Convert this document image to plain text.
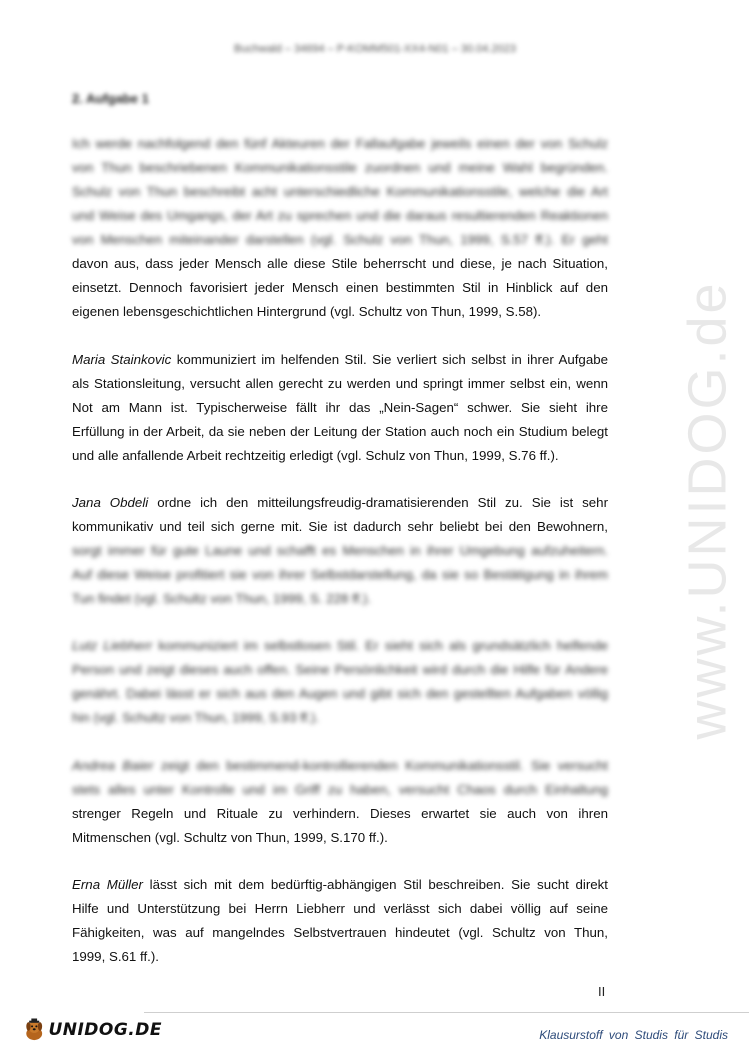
Buchwald – 34694 – P-KOMM501-XX4-N01 – 30.04.2023
2. Aufgabe 1
Ich werde nachfolgend den fünf Akteuren der Fallaufgabe jeweils einen der von Schulz
von Thun beschriebenen Kommunikationsstile zuordnen und meine Wahl begründen.
Schulz von Thun beschreibt acht unterschiedliche Kommunikationsstile, welche die Art
und Weise des Umgangs, der Art zu sprechen und die daraus resultierenden Reaktionen
von Menschen miteinander darstellen (vgl. Schulz von Thun, 1999, S.57 ff.). Er geht
davon aus, dass jeder Mensch alle diese Stile beherrscht und diese, je nach Situation,
einsetzt. Dennoch favorisiert jeder Mensch einen bestimmten Stil in Hinblick auf den
eigenen lebensgeschichtlichen Hintergrund (vgl. Schultz von Thun, 1999, S.58).
Maria Stainkovic kommuniziert im helfenden Stil. Sie verliert sich selbst in ihrer Aufgabe
als Stationsleitung, versucht allen gerecht zu werden und springt immer selbst ein, wenn
Not am Mann ist. Typischerweise fällt ihr das „Nein-Sagen“ schwer. Sie sieht ihre
Erfüllung in der Arbeit, da sie neben der Leitung der Station auch noch ein Studium belegt
und alle anfallende Arbeit rechtzeitig erledigt (vgl. Schulz von Thun, 1999, S.76 ff.).
Jana Obdeli ordne ich den mitteilungsfreudig-dramatisierenden Stil zu. Sie ist sehr
kommunikativ und teil sich gerne mit. Sie ist dadurch sehr beliebt bei den Bewohnern,
sorgt immer für gute Laune und schafft es Menschen in ihrer Umgebung aufzuheitern.
Auf diese Weise profitiert sie von ihrer Selbstdarstellung, da sie so Bestätigung in ihrem
Tun findet (vgl. Schultz von Thun, 1999, S. 228 ff.).
Lutz Liebherr kommuniziert im selbstlosen Stil. Er sieht sich als grundsätzlich helfende
Person und zeigt dieses auch offen. Seine Persönlichkeit wird durch die Hilfe für Andere
genährt. Dabei lässt er sich aus den Augen und gibt sich den gestellten Aufgaben völlig
hin (vgl. Schultz von Thun, 1999, S.93 ff.).
Andrea Baier zeigt den bestimmend-kontrollierenden Kommunikationsstil. Sie versucht
stets alles unter Kontrolle und im Griff zu haben, versucht Chaos durch Einhaltung
strenger Regeln und Rituale zu verhindern. Dieses erwartet sie auch von ihren
Mitmenschen (vgl. Schultz von Thun, 1999, S.170 ff.).
Erna Müller lässt sich mit dem bedürftig-abhängigen Stil beschreiben. Sie sucht direkt
Hilfe und Unterstützung bei Herrn Liebherr und verlässt sich dabei völlig auf seine
Fähigkeiten, was auf mangelndes Selbstvertrauen hindeutet (vgl. Schultz von Thun,
1999, S.61 ff.).
www.UNIDOG.de
II
UNIDOG.DE	Klausurstoff von Studis für Studis
